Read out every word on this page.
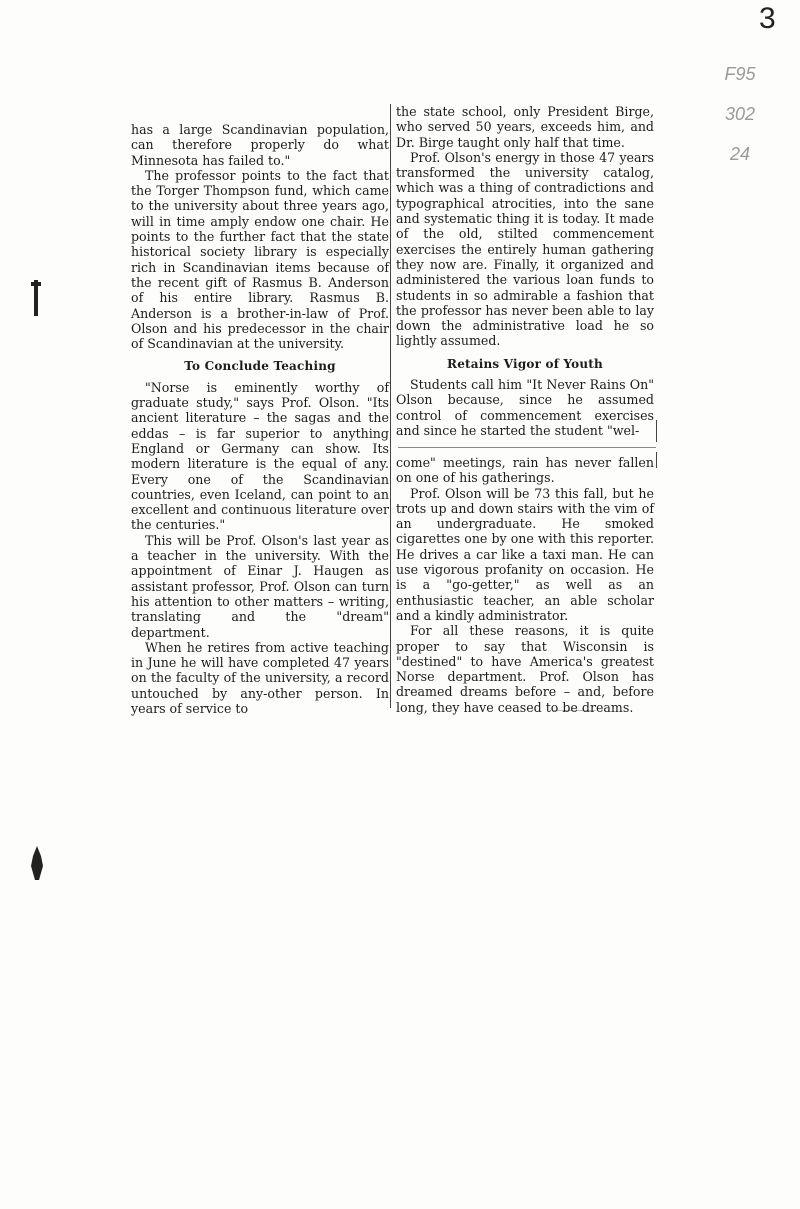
3
F95
302
24

has a large Scandinavian population, can therefore properly do what Minnesota has failed to."

The professor points to the fact that the Torger Thompson fund, which came to the university about three years ago, will in time amply endow one chair. He points to the further fact that the state historical society library is especially rich in Scandinavian items because of the recent gift of Rasmus B. Anderson of his entire library. Rasmus B. Anderson is a brother-in-law of Prof. Olson and his predecessor in the chair of Scandinavian at the university.

To Conclude Teaching

"Norse is eminently worthy of graduate study," says Prof. Olson. "Its ancient literature – the sagas and the eddas – is far superior to anything England or Germany can show. Its modern literature is the equal of any. Every one of the Scandinavian countries, even Iceland, can point to an excellent and continuous literature over the centuries."

This will be Prof. Olson's last year as a teacher in the university. With the appointment of Einar J. Haugen as assistant professor, Prof. Olson can turn his attention to other matters – writing, translating and the "dream" department.

When he retires from active teaching in June he will have completed 47 years on the faculty of the university, a record untouched by any-other person. In years of service to

the state school, only President Birge, who served 50 years, exceeds him, and Dr. Birge taught only half that time.

Prof. Olson's energy in those 47 years transformed the university catalog, which was a thing of contradictions and typographical atrocities, into the sane and systematic thing it is today. It made of the old, stilted commencement exercises the entirely human gathering they now are. Finally, it organized and administered the various loan funds to students in so admirable a fashion that the professor has never been able to lay down the administrative load he so lightly assumed.

Retains Vigor of Youth

Students call him "It Never Rains On" Olson because, since he assumed control of commencement exercises and since he started the student "wel-

come" meetings, rain has never fallen on one of his gatherings.

Prof. Olson will be 73 this fall, but he trots up and down stairs with the vim of an undergraduate. He smoked cigarettes one by one with this reporter. He drives a car like a taxi man. He can use vigorous profanity on occasion. He is a "go-getter," as well as an enthusiastic teacher, an able scholar and a kindly administrator.

For all these reasons, it is quite proper to say that Wisconsin is "destined" to have America's greatest Norse department. Prof. Olson has dreamed dreams before – and, before long, they have ceased to be dreams.
